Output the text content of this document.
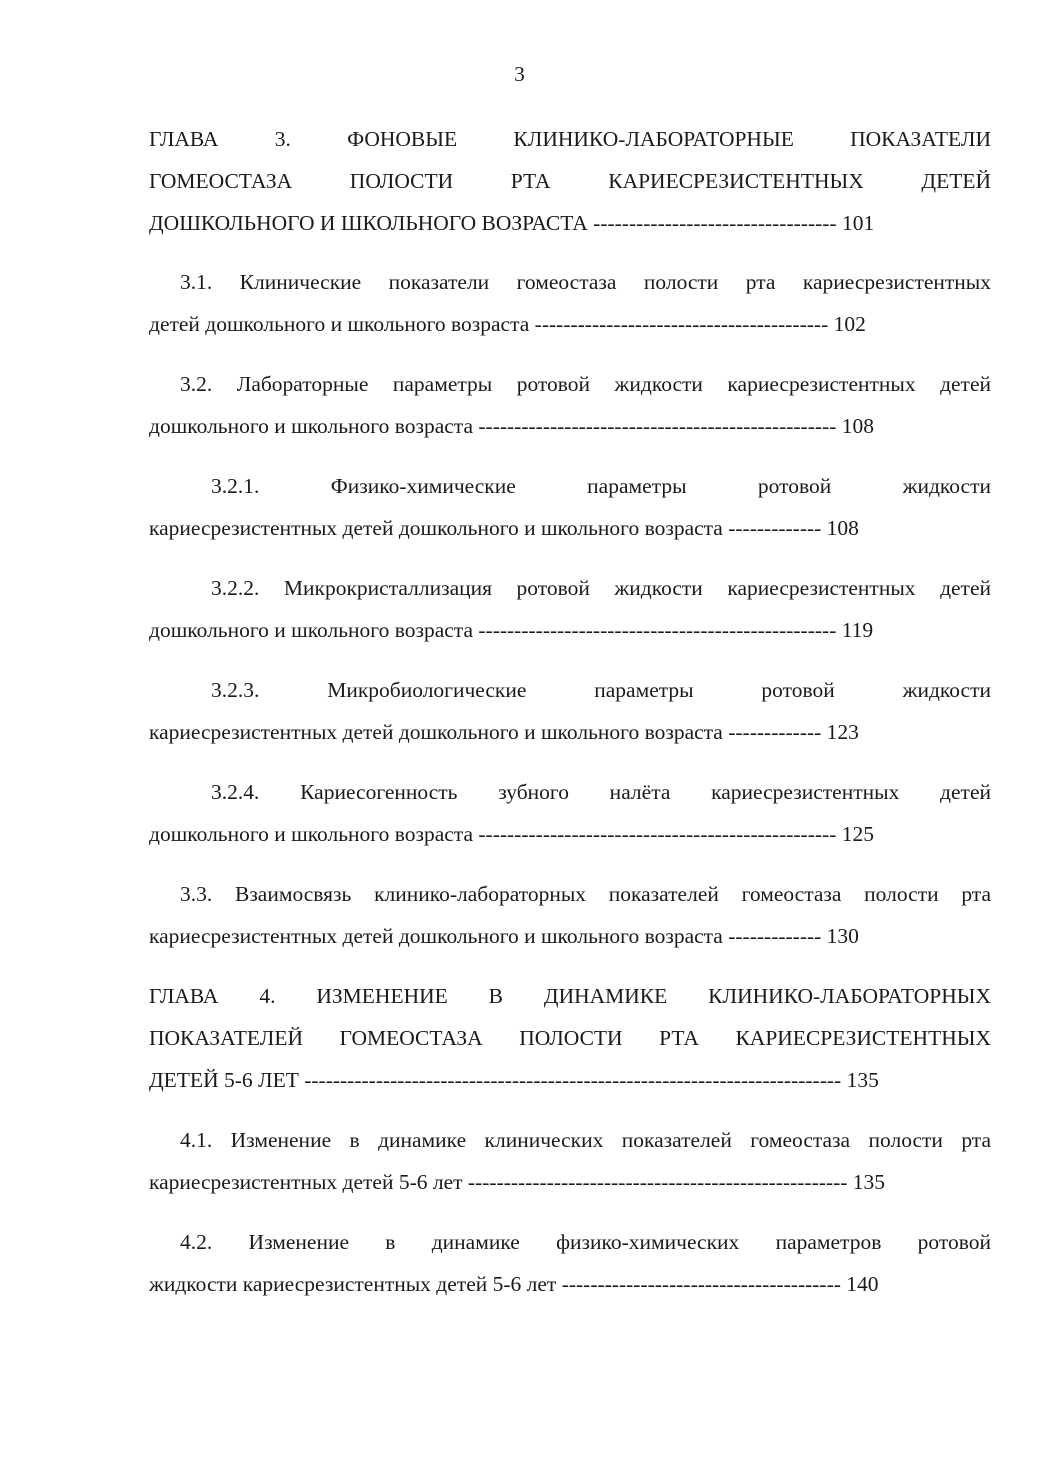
3
ГЛАВА 3. ФОНОВЫЕ КЛИНИКО-ЛАБОРАТОРНЫЕ ПОКАЗАТЕЛИ
ГОМЕОСТАЗА ПОЛОСТИ РТА КАРИЕСРЕЗИСТЕНТНЫХ ДЕТЕЙ
ДОШКОЛЬНОГО И ШКОЛЬНОГО ВОЗРАСТА ---------------------------------- 101
3.1. Клинические показатели гомеостаза полости рта кариесрезистентных
детей дошкольного и школьного возраста ----------------------------------------- 102
3.2. Лабораторные параметры ротовой жидкости кариесрезистентных детей
дошкольного и школьного возраста -------------------------------------------------- 108
3.2.1. Физико-химические параметры ротовой жидкости
кариесрезистентных детей дошкольного и школьного возраста ------------- 108
3.2.2. Микрокристаллизация ротовой жидкости кариесрезистентных детей
дошкольного и школьного возраста -------------------------------------------------- 119
3.2.3. Микробиологические параметры ротовой жидкости
кариесрезистентных детей дошкольного и школьного возраста ------------- 123
3.2.4. Кариесогенность зубного налёта кариесрезистентных детей
дошкольного и школьного возраста -------------------------------------------------- 125
3.3. Взаимосвязь клинико-лабораторных показателей гомеостаза полости рта
кариесрезистентных детей дошкольного и школьного возраста ------------- 130
ГЛАВА 4. ИЗМЕНЕНИЕ В ДИНАМИКЕ КЛИНИКО-ЛАБОРАТОРНЫХ
ПОКАЗАТЕЛЕЙ ГОМЕОСТАЗА ПОЛОСТИ РТА КАРИЕСРЕЗИСТЕНТНЫХ
ДЕТЕЙ 5-6 ЛЕТ --------------------------------------------------------------------------- 135
4.1. Изменение в динамике клинических показателей гомеостаза полости рта
кариесрезистентных детей 5-6 лет ----------------------------------------------------- 135
4.2. Изменение в динамике физико-химических параметров ротовой
жидкости кариесрезистентных детей 5-6 лет --------------------------------------- 140
